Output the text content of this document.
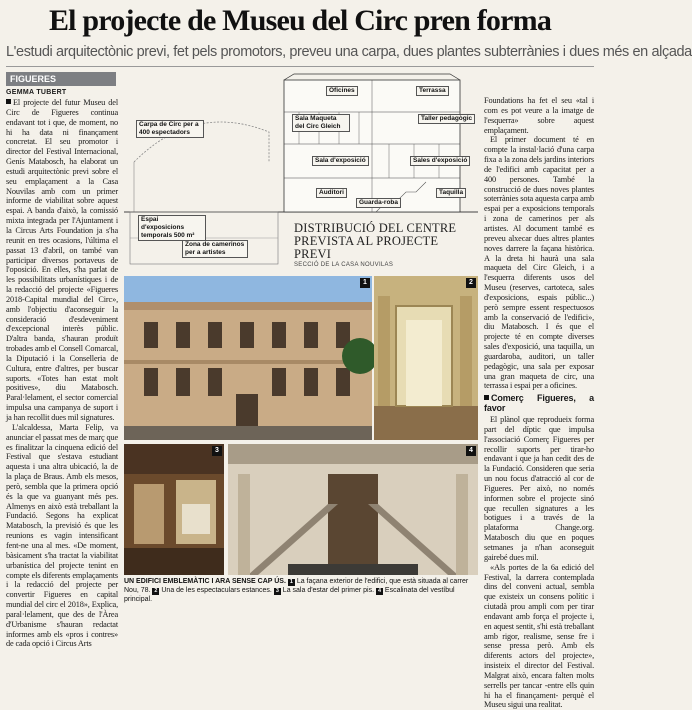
El projecte de Museu del Circ pren forma
L'estudi arquitectònic previ, fet pels promotors, preveu una carpa, dues plantes subterrànies i dues més en alçada
FIGUERES
GEMMA TUBERT

El projecte del futur Museu del Circ de Figueres continua endavant tot i que, de moment, no hi ha data ni finançament concretat. El seu promotor i director del Festival Internacional, Genís Matabosch, ha elaborat un estudi arquitectònic previ sobre el seu emplaçament a la Casa Nouvilas amb com un primer informe de viabilitat sobre aquest espai. A banda d'això, la comissió mixta integrada per l'Ajuntament i la Circus Arts Foundation ja s'ha reunit en tres ocasions, l'última el passat 13 d'abril, on també van participar diversos portaveus de l'oposició. En elles, s'ha parlat de les possibilitats urbanístiques i de la redacció del projecte «Figueres 2018-Capital mundial del Circ», amb l'objectiu d'aconseguir la consideració d'esdeveniment d'excepcional interès públic. D'altra banda, s'hauran produït trobades amb el Consell Comarcal, la Diputació i la Conselleria de Cultura, entre d'altres, per buscar suports. «Totes han estat molt positives», diu Matabosch. Paral·lelament, el sector comercial impulsa una campanya de suport i ja han recollit dues mil signatures.

L'alcaldessa, Marta Felip, va anunciar el passat mes de març que es finalitzar la cinquena edició del Festival que s'estava estudiant aquesta i una altra ubicació, la de la plaça de Braus. Amb els mesos, però, sembla que la primera opció és la que va guanyant més pes. Almenys en això està treballant la Fundació. Segons ha explicat Matabosch, la previsió és que les reunions es vagin intensificant fent-ne una al mes. «De moment, bàsicament s'ha tractat la viabilitat urbanística del projecte tenint en compte els diferents emplaçaments i la redacció del projecte per convertir Figueres en capital mundial del circ el 2018», Explica, paral·lelament, que des de l'Àrea d'Urbanisme s'hauran redactat informes amb els «pros i contres» de cada opció i Circus Arts

Carpa de Circ per a 400 espectadors
Espai d'exposicions temporals 500 m²
Zona de camerinos per a artistes
Oficines	Terrassa
Sala Maqueta del Circ Gleich
Taller pedagògic
Sala d'exposició	Sales d'exposició
Auditori	Taquilla
Guarda-roba
DISTRIBUCIÓ DEL CENTRE PREVISTA AL PROJECTE PREVI
SECCIÓ DE LA CASA NOUVILAS
1	2
3	4
UN EDIFICI EMBLEMÀTIC I ARA SENSE CAP ÚS. 1 La façana exterior de l'edifici, que està situada al carrer Nou, 78. 2 Una de les espectaculars estances. 3 La sala d'estar del primer pis. 4 Escalinata del vestíbul principal.

Foundations ha fet el seu «tal i com es pot veure a la imatge de l'esquerra» sobre aquest emplaçament.

El primer document té en compte la instal·lació d'una carpa fixa a la zona dels jardins interiors de l'edifici amb capacitat per a 400 persones. També la construcció de dues noves plantes soterrànies sota aquesta carpa amb espai per a exposicions temporals i zona de camerinos per als artistes. Al document també es preveu alxecar dues altres plantes noves darrere la façana històrica. A la dreta hi haurà una sala maqueta del Circ Gleich, i a l'esquerra diferents usos del Museu (reserves, cartoteca, sales d'exposicions, espais públic...) però sempre essent respectuosos amb la conservació de l'edifici», diu Matabosch. I és que el projecte té en compte diverses sales d'exposició, una taquilla, un guardaroba, auditori, un taller pedagògic, una sala per exposar una gran maqueta de circ, una terrassa i espai per a oficines.

Comerç Figueres, a favor

El plànol que reprodueix forma part del díptic que impulsa l'associació Comerç Figueres per recollir suports per tirar-ho endavant i que ja han cedit des de la Fundació. Consideren que seria un nou focus d'atracció al cor de Figueres. Per això, no només informen sobre el projecte sinó que recullen signatures a les botigues i a través de la plataforma Change.org. Matabosch diu que en poques setmanes ja n'han aconseguit gairebé dues mil.

«Als portes de la 6a edició del Festival, la darrera contemplada dins del conveni actual, sembla que existeix un consens polític i ciutadà prou ampli com per tirar endavant amb força el projecte i, en aquest sentit, s'hi està treballant amb rigor, realisme, sense fre i sense pressa però. Amb els diferents actors del projecte», insisteix el director del Festival. Malgrat això, encara falten molts serrells per tancar -entre ells quin hi ha el finançament- perquè el Museu sigui una realitat.
